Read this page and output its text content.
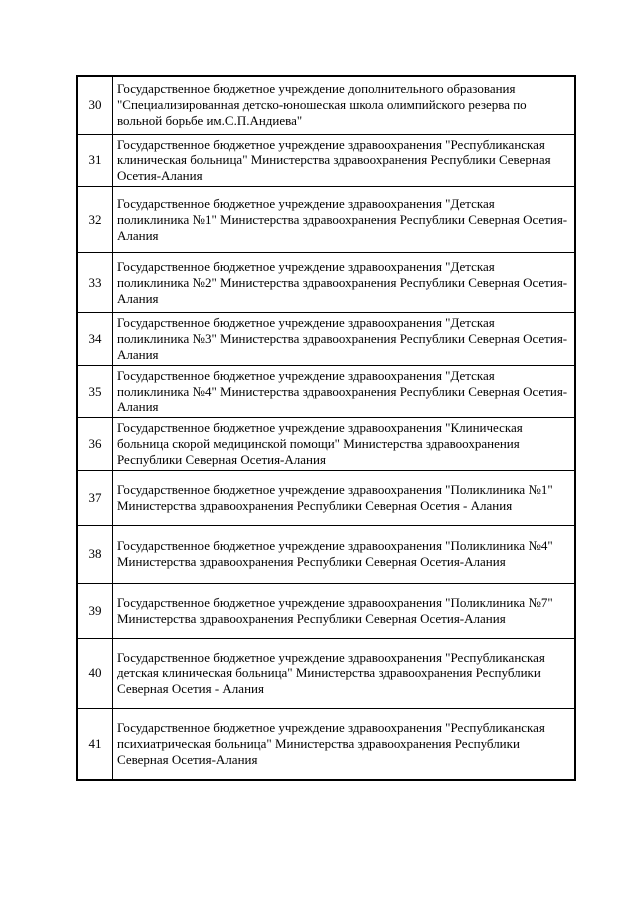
30	Государственное бюджетное учреждение дополнительного образования "Специализированная детско-юношеская школа олимпийского резерва по вольной борьбе им.С.П.Андиева"
31	Государственное бюджетное учреждение здравоохранения "Республиканская клиническая больница" Министерства здравоохранения Республики Северная Осетия-Алания
32	Государственное бюджетное учреждение здравоохранения "Детская поликлиника №1" Министерства здравоохранения Республики Северная Осетия-Алания
33	Государственное бюджетное учреждение здравоохранения "Детская поликлиника №2" Министерства здравоохранения Республики Северная Осетия-Алания
34	Государственное бюджетное учреждение здравоохранения "Детская поликлиника №3" Министерства здравоохранения Республики Северная Осетия-Алания
35	Государственное бюджетное учреждение здравоохранения "Детская поликлиника №4" Министерства здравоохранения Республики Северная Осетия-Алания
36	Государственное бюджетное учреждение здравоохранения "Клиническая больница скорой медицинской помощи" Министерства здравоохранения Республики Северная Осетия-Алания
37	Государственное бюджетное учреждение здравоохранения "Поликлиника №1" Министерства здравоохранения Республики Северная Осетия - Алания
38	Государственное бюджетное учреждение здравоохранения "Поликлиника №4" Министерства здравоохранения Республики Северная Осетия-Алания
39	Государственное бюджетное учреждение здравоохранения "Поликлиника №7" Министерства здравоохранения Республики Северная Осетия-Алания
40	Государственное бюджетное учреждение здравоохранения "Республиканская детская клиническая больница" Министерства здравоохранения Республики Северная Осетия - Алания
41	Государственное бюджетное учреждение здравоохранения "Республиканская психиатрическая больница" Министерства здравоохранения Республики Северная Осетия-Алания
